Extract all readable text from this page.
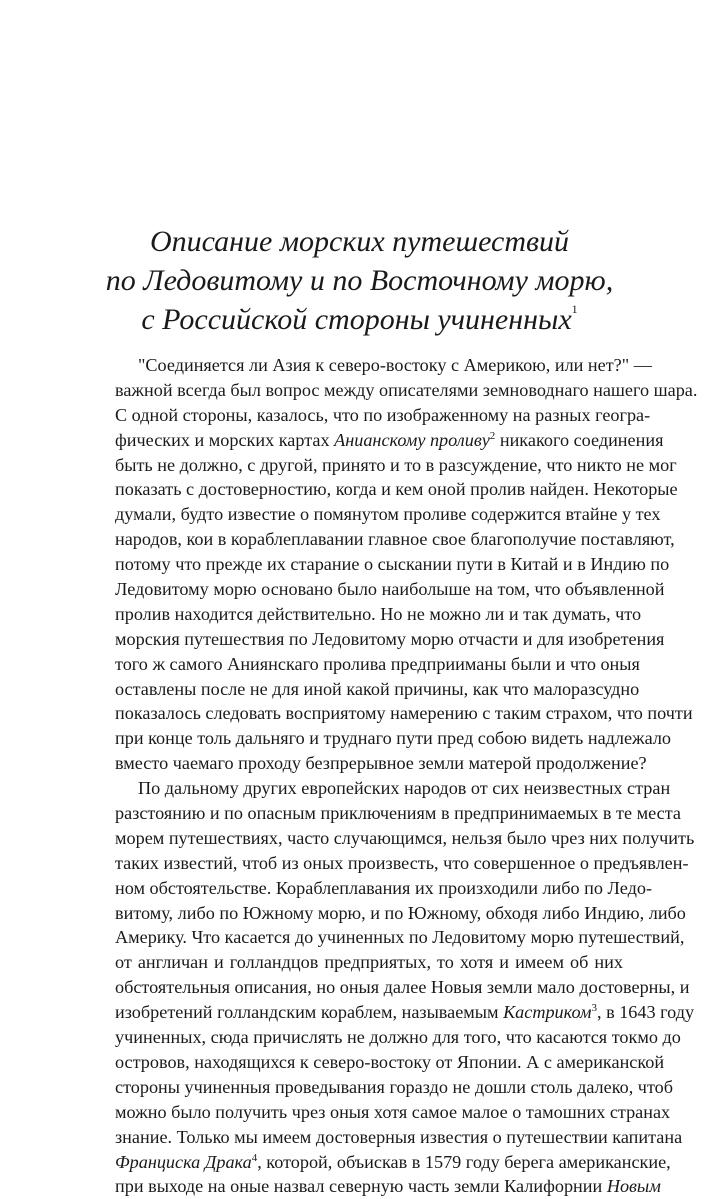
Описание морских путешествий
по Ледовитому и по Восточному морю,
с Российской стороны учиненных$^1$
"Соединяется ли Азия к северо-востоку с Америкою, или нет?" —
важной всегда был вопрос между описателями земноводнаго нашего шара.
С одной стороны, казалось, что по изображенному на разных геогра-
фических и морских картах Анианскому проливу$^2$ никакого соединения
быть не должно, с другой, принято и то в разсуждение, что никто не мог
показать с достоверностию, когда и кем оной пролив найден. Некоторые
думали, будто известие о помянутом проливе содержится втайне у тех
народов, кои в кораблеплавании главное свое благополучие поставляют,
потому что прежде их старание о сыскании пути в Китай и в Индию по
Ледовитому морю основано было наиболыше на том, что объявленной
пролив находится действительно. Но не можно ли и так думать, что
морския путешествия по Ледовитому морю отчасти и для изобретения
того ж самого Аниянскаго пролива предприиманы были и что оныя
оставлены после не для иной какой причины, как что малоразсудно
показалось следовать восприятому намерению с таким страхом, что почти
при конце толь дальняго и труднаго пути пред собою видеть надлежало
вместо чаемаго проходу безпрерывное земли матерой продолжение?
По дальному других европейских народов от сих неизвестных стран
разстоянию и по опасным приключениям в предпринимаемых в те места
морем путешествиях, часто случающимся, нельзя было чрез них получить
таких известий, чтоб из оных произвесть, что совершенное о предъявлен-
ном обстоятельстве. Кораблеплавания их произходили либо по Ледо-
витому, либо по Южному морю, и по Южному, обходя либо Индию, либо
Америку. Что касается до учиненных по Ледовитому морю путешествий,
от англичан и голландцов предприятых, то хотя и имеем об них
обстоятельныя описания, но оныя далее Новыя земли мало достоверны, и
изобретений голландским кораблем, называемым Кастриком$^3$, в 1643 году
учиненных, сюда причислять не должно для того, что касаются токмо до
островов, находящихся к северо-востоку от Японии. А с американской
стороны учиненныя проведывания гораздо не дошли столь далеко, чтоб
можно было получить чрез оныя хотя самое малое о тамошних странах
знание. Только мы имеем достоверныя известия о путешествии капитана
Франциска Драка$^4$, которой, объискав в 1579 году берега американские,
при выходе на оные назвал северную часть земли Калифорнии Новым
